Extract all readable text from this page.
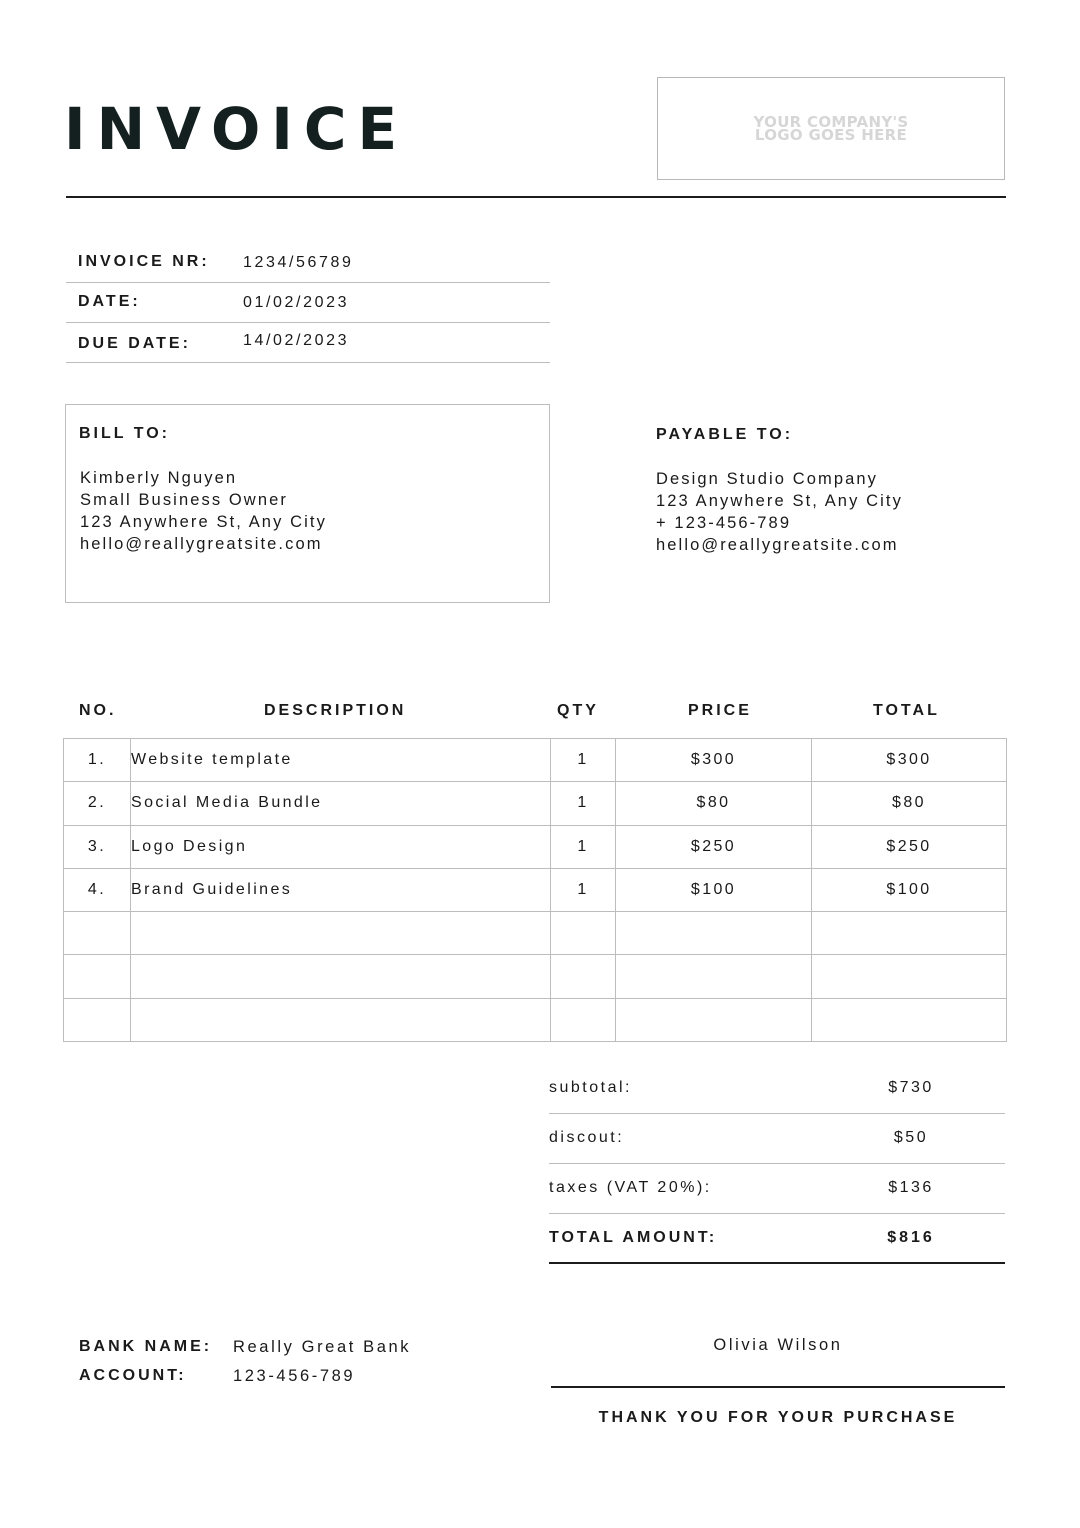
INVOICE	YOUR COMPANY'S
LOGO GOES HERE
INVOICE NR: 1234/56789
DATE:	01/02/2023
DUE DATE:	14/02/2023
BILL TO:
Kimberly Nguyen
Small Business Owner
123 Anywhere St, Any City
hello@reallygreatsite.com
PAYABLE TO:
Design Studio Company
123 Anywhere St, Any City
+ 123-456-789
hello@reallygreatsite.com
NO.	DESCRIPTION	QTY	PRICE	TOTAL
1.	Website template	1	$300	$300
2.	Social Media Bundle	1	$80	$80
3.	Logo Design	1	$250	$250
4.	Brand Guidelines	1	$100	$100

subtotal:	$730
discout:	$50
taxes (VAT 20%):	$136
TOTAL AMOUNT:	$816
BANK NAME: Really Great Bank
ACCOUNT:	123-456-789
Olivia Wilson
THANK YOU FOR YOUR PURCHASE
